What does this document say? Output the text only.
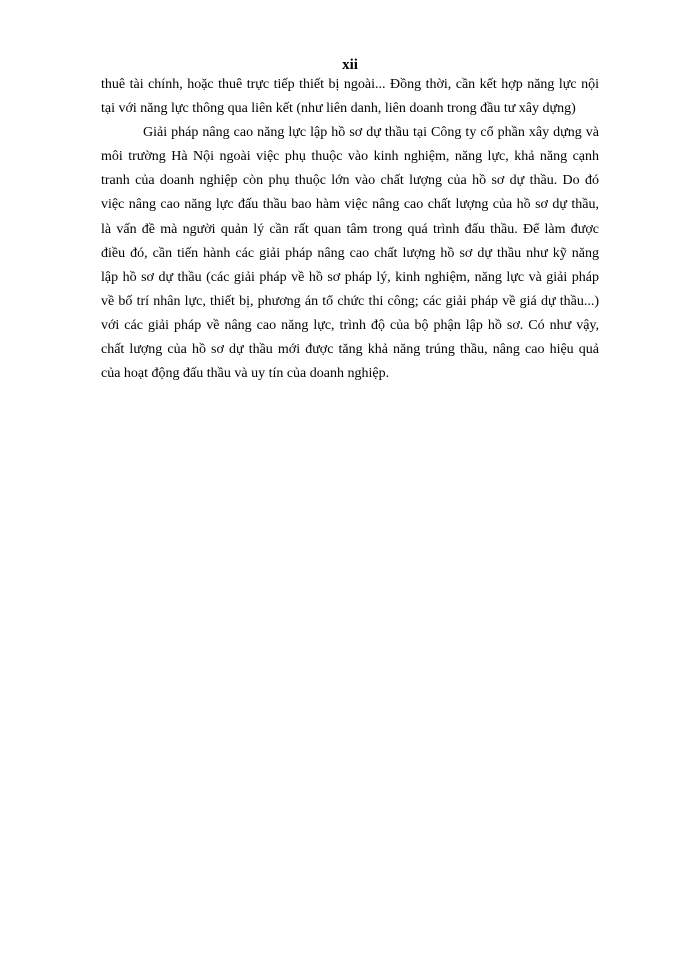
xii
thuê tài chính, hoặc thuê trực tiếp thiết bị ngoài... Đồng thời, cần kết hợp năng lực nội
tại với năng lực thông qua liên kết (như liên danh, liên doanh trong đầu tư xây dựng)
Giải pháp nâng cao năng lực lập hồ sơ dự thầu tại Công ty cổ phần xây dựng và
môi trường Hà Nội ngoài việc phụ thuộc vào kinh nghiệm, năng lực, khả năng cạnh
tranh của doanh nghiệp còn phụ thuộc lớn vào chất lượng của hồ sơ dự thầu. Do đó
việc nâng cao năng lực đấu thầu bao hàm việc nâng cao chất lượng của hồ sơ dự thầu,
là vấn đề mà người quản lý cần rất quan tâm trong quá trình đấu thầu. Để làm được
điều đó, cần tiến hành các giải pháp nâng cao chất lượng hồ sơ dự thầu như kỹ năng
lập hồ sơ dự thầu (các giải pháp về hồ sơ pháp lý, kinh nghiệm, năng lực và giải pháp
về bố trí nhân lực, thiết bị, phương án tổ chức thi công; các giải pháp về giá dự thầu...)
với các giải pháp về nâng cao năng lực, trình độ của bộ phận lập hồ sơ. Có như vậy,
chất lượng của hồ sơ dự thầu mới được tăng khả năng trúng thầu, nâng cao hiệu quả
của hoạt động đấu thầu và uy tín của doanh nghiệp.
